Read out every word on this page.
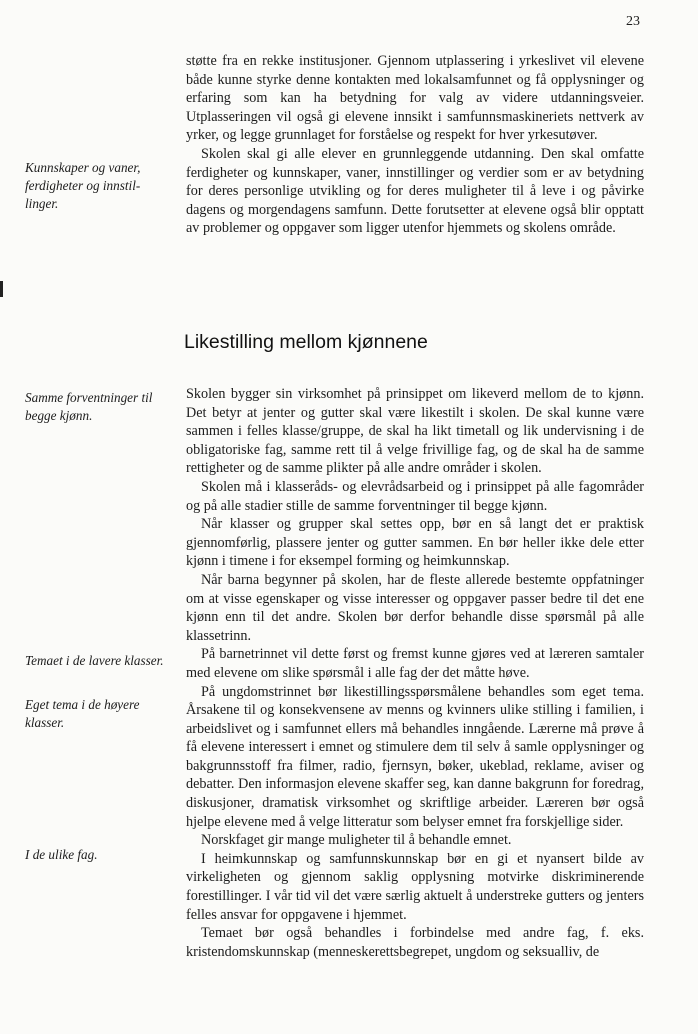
23
Kunnskaper og vaner, ferdigheter og innstil- linger.
Samme forventninger til begge kjønn.
Temaet i de lavere klasser.
Eget tema i de høyere klasser.
I de ulike fag.

støtte fra en rekke institusjoner. Gjennom utplassering i yrkeslivet vil elevene både kunne styrke denne kontakten med lokalsamfunnet og få opplysninger og erfaring som kan ha betydning for valg av videre utdanningsveier. Utplasseringen vil også gi elevene innsikt i samfunnsmaskineriets nettverk av yrker, og legge grunnlaget for forståelse og respekt for hver yrkesutøver.

Skolen skal gi alle elever en grunnleggende utdanning. Den skal omfatte ferdigheter og kunnskaper, vaner, innstillinger og verdier som er av betydning for deres personlige utvikling og for deres muligheter til å leve i og påvirke dagens og morgendagens samfunn. Dette forutsetter at elevene også blir opptatt av problemer og oppgaver som ligger utenfor hjemmets og skolens område.

Likestilling mellom kjønnene

Skolen bygger sin virksomhet på prinsippet om likeverd mellom de to kjønn. Det betyr at jenter og gutter skal være likestilt i skolen. De skal kunne være sammen i felles klasse/gruppe, de skal ha likt timetall og lik undervisning i de obligatoriske fag, samme rett til å velge frivillige fag, og de skal ha de samme rettigheter og de samme plikter på alle andre områder i skolen.

Skolen må i klasseråds- og elevrådsarbeid og i prinsippet på alle fagområder og på alle stadier stille de samme forventninger til begge kjønn.

Når klasser og grupper skal settes opp, bør en så langt det er praktisk gjennomførlig, plassere jenter og gutter sammen. En bør heller ikke dele etter kjønn i timene i for eksempel forming og heimkunnskap.

Når barna begynner på skolen, har de fleste allerede bestemte oppfatninger om at visse egenskaper og visse interesser og oppgaver passer bedre til det ene kjønn enn til det andre. Skolen bør derfor behandle disse spørsmål på alle klassetrinn.

På barnetrinnet vil dette først og fremst kunne gjøres ved at læreren samtaler med elevene om slike spørsmål i alle fag der det måtte høve.

På ungdomstrinnet bør likestillingsspørsmålene behandles som eget tema. Årsakene til og konsekvensene av menns og kvinners ulike stilling i familien, i arbeidslivet og i samfunnet ellers må behandles inngående. Lærerne må prøve å få elevene interessert i emnet og stimulere dem til selv å samle opplysninger og bakgrunnsstoff fra filmer, radio, fjernsyn, bøker, ukeblad, reklame, aviser og debatter. Den informasjon elevene skaffer seg, kan danne bakgrunn for foredrag, diskusjoner, dramatisk virksomhet og skriftlige arbeider. Læreren bør også hjelpe elevene med å velge litteratur som belyser emnet fra forskjellige sider.

Norskfaget gir mange muligheter til å behandle emnet.

I heimkunnskap og samfunnskunnskap bør en gi et nyansert bilde av virkeligheten og gjennom saklig opplysning motvirke diskriminerende forestillinger. I vår tid vil det være særlig aktuelt å understreke gutters og jenters felles ansvar for oppgavene i hjemmet.

Temaet bør også behandles i forbindelse med andre fag, f. eks. kristendomskunnskap (menneskerettsbegrepet, ungdom og seksualliv, de
